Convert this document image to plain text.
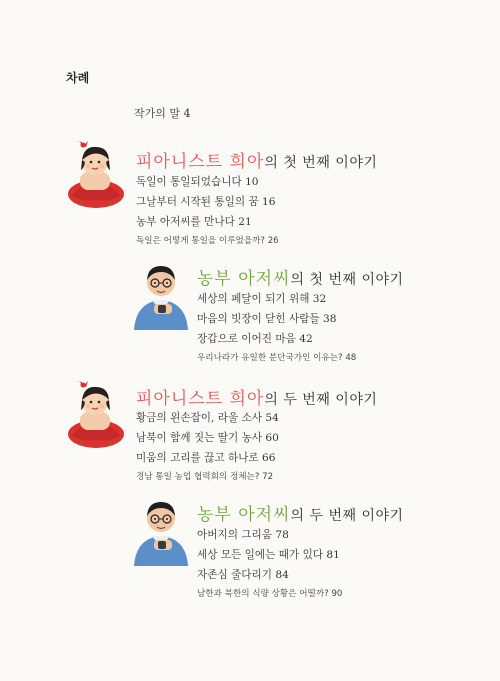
차례
작가의 말 4
피아니스트 희아의 첫 번째 이야기
독일이 통일되었습니다 10
그날부터 시작된 통일의 꿈 16
농부 아저씨를 만나다 21
독일은 어떻게 통일을 이루었을까? 26
농부 아저씨의 첫 번째 이야기
세상의 페달이 되기 위해 32
마음의 빗장이 닫힌 사람들 38
장갑으로 이어진 마음 42
우리나라가 유일한 분단국가인 이유는? 48
피아니스트 희아의 두 번째 이야기
황금의 왼손잡이, 라울 소사 54
남북이 함께 짓는 딸기 농사 60
미움의 고리를 끊고 하나로 66
경남 통일 농업 협력회의 정체는? 72
농부 아저씨의 두 번째 이야기
아버지의 그리움 78
세상 모든 일에는 때가 있다 81
자존심 줄다리기 84
남한과 북한의 식량 상황은 어떨까? 90
